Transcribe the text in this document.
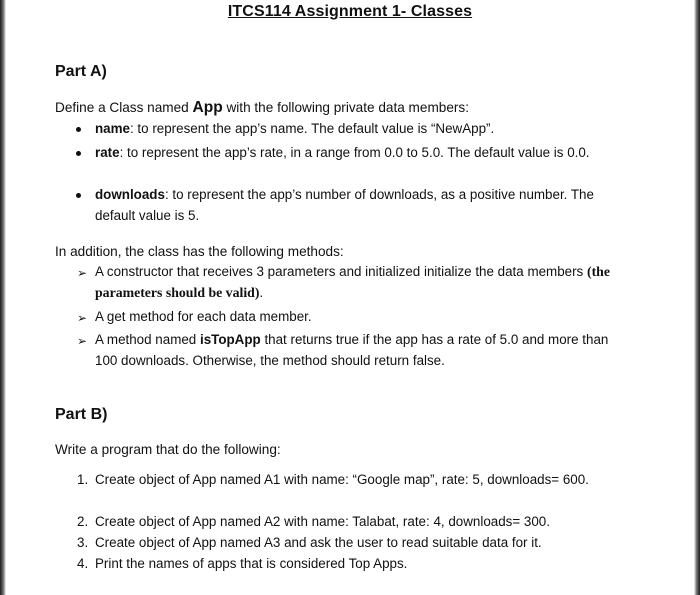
ITCS114 Assignment 1- Classes
Part A)
Define a Class named App with the following private data members:
name: to represent the app’s name. The default value is “NewApp”.
rate: to represent the app’s rate, in a range from 0.0 to 5.0. The default value is 0.0.
downloads: to represent the app’s number of downloads, as a positive number. The default value is 5.
In addition, the class has the following methods:
➢ A constructor that receives 3 parameters and initialized initialize the data members (the parameters should be valid).
➢ A get method for each data member.
➢ A method named isTopApp that returns true if the app has a rate of 5.0 and more than 100 downloads. Otherwise, the method should return false.
Part B)
Write a program that do the following:
1. Create object of App named A1 with name: “Google map”, rate: 5, downloads= 600.
2. Create object of App named A2 with name: Talabat, rate: 4, downloads= 300.
3. Create object of App named A3 and ask the user to read suitable data for it.
4. Print the names of apps that is considered Top Apps.
